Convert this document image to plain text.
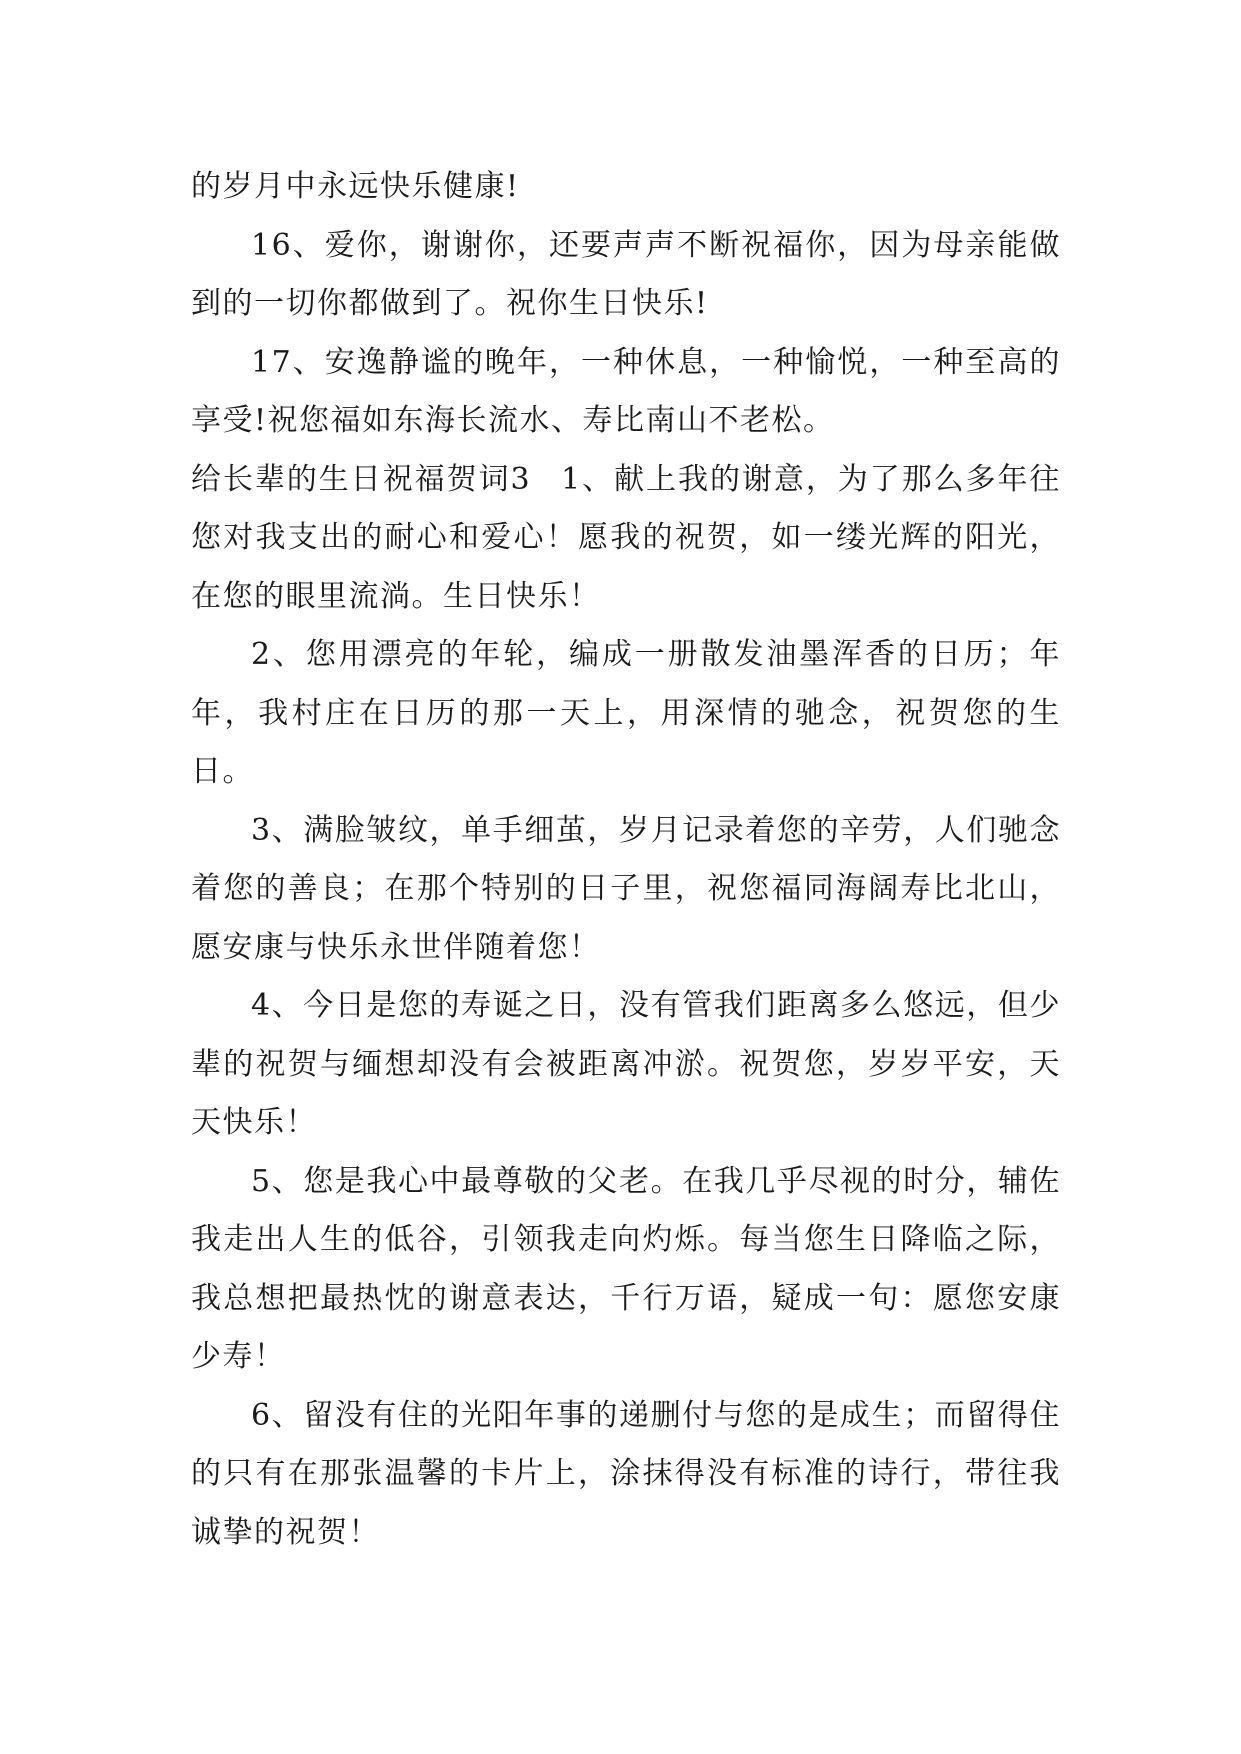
的岁月中永远快乐健康!

16、爱你，谢谢你，还要声声不断祝福你，因为母亲能做到的一切你都做到了。祝你生日快乐!

17、安逸静谧的晚年，一种休息，一种愉悦，一种至高的享受!祝您福如东海长流水、寿比南山不老松。

给长辈的生日祝福贺词3 1、献上我的谢意，为了那么多年往您对我支出的耐心和爱心！愿我的祝贺，如一缕光辉的阳光，在您的眼里流淌。生日快乐！

2、您用漂亮的年轮，编成一册散发油墨浑香的日历；年年，我村庄在日历的那一天上，用深情的驰念，祝贺您的生日。

3、满脸皱纹，单手细茧，岁月记录着您的辛劳，人们驰念着您的善良；在那个特别的日子里，祝您福同海阔寿比北山，愿安康与快乐永世伴随着您！

4、今日是您的寿诞之日，没有管我们距离多么悠远，但少辈的祝贺与缅想却没有会被距离冲淤。祝贺您，岁岁平安，天天快乐！

5、您是我心中最尊敬的父老。在我几乎尽视的时分，辅佐我走出人生的低谷，引领我走向灼烁。每当您生日降临之际，我总想把最热忱的谢意表达，千行万语，疑成一句：愿您安康少寿！

6、留没有住的光阳年事的递删付与您的是成生；而留得住的只有在那张温馨的卡片上，涂抹得没有标准的诗行，带往我诚挚的祝贺！
